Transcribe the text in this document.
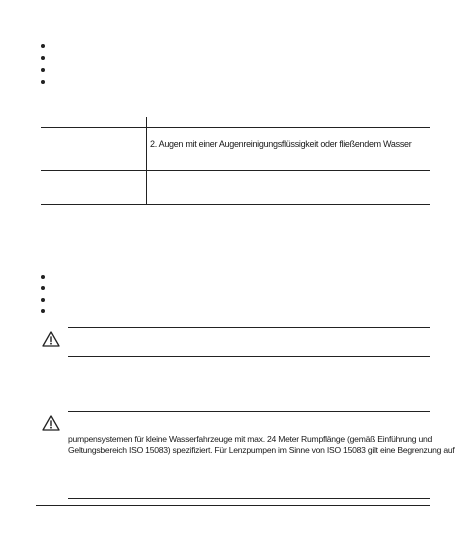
2. Augen mit einer Augenreinigungsflüssigkeit oder fließendem Wasser
pumpensystemen für kleine Wasserfahrzeuge mit max. 24 Meter Rumpflänge (gemäß Einführung und
Geltungsbereich ISO 15083) spezifiziert. Für Lenzpumpen im Sinne von ISO 15083 gilt eine Begrenzung auf
